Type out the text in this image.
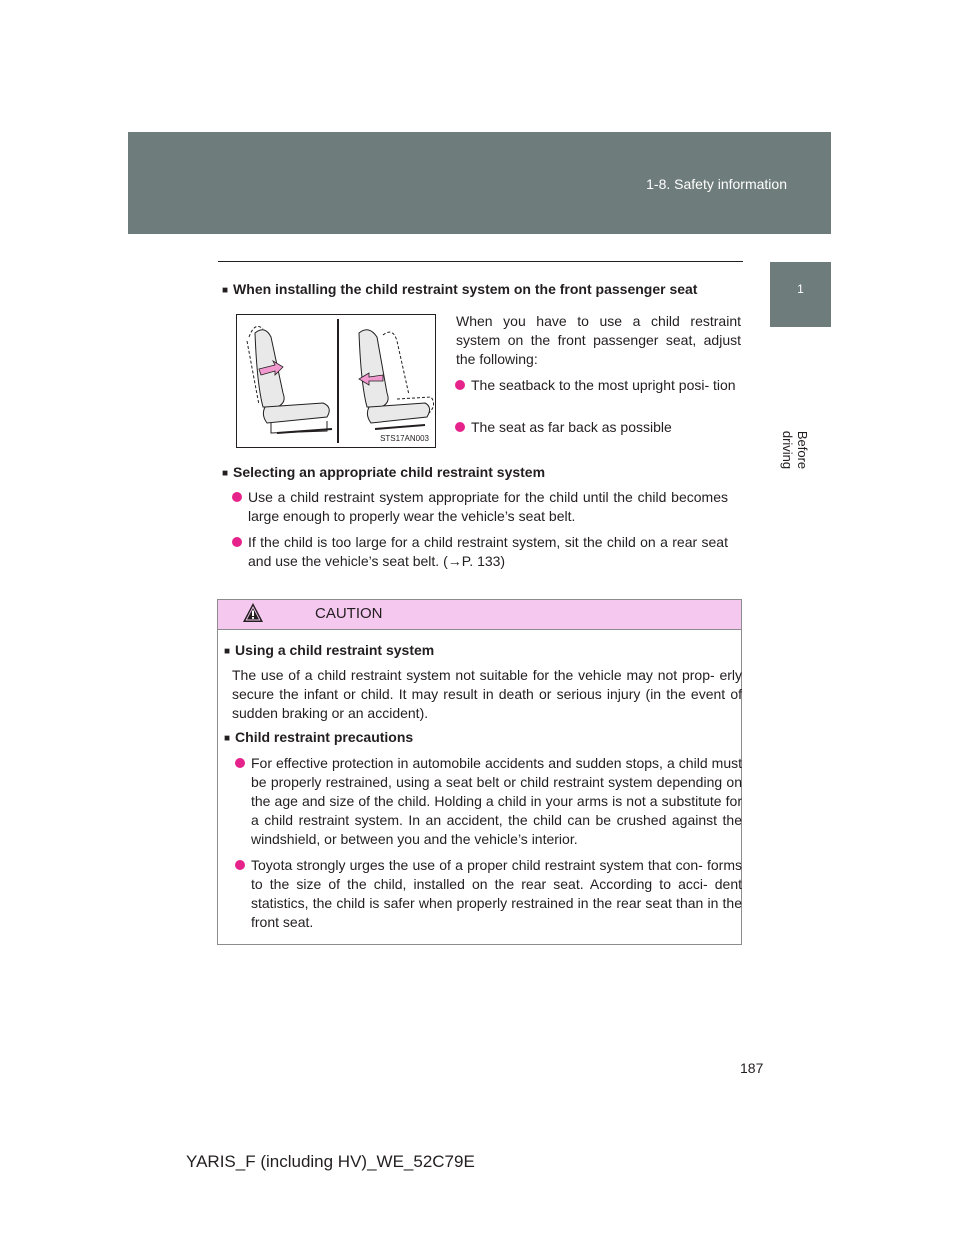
1-8. Safety information
1
Before driving
■ When installing the child restraint system on the front passenger seat
STS17AN003
When you have to use a child restraint system on the front passenger seat, adjust the following:
The seatback to the most upright posi- tion
The seat as far back as possible
■ Selecting an appropriate child restraint system
Use a child restraint system appropriate for the child until the child becomes large enough to properly wear the vehicle’s seat belt.
If the child is too large for a child restraint system, sit the child on a rear seat and use the vehicle’s seat belt. (→P. 133)
CAUTION
■ Using a child restraint system
The use of a child restraint system not suitable for the vehicle may not prop- erly secure the infant or child. It may result in death or serious injury (in the event of sudden braking or an accident).
■ Child restraint precautions
For effective protection in automobile accidents and sudden stops, a child must be properly restrained, using a seat belt or child restraint system depending on the age and size of the child. Holding a child in your arms is not a substitute for a child restraint system. In an accident, the child can be crushed against the windshield, or between you and the vehicle’s interior.
Toyota strongly urges the use of a proper child restraint system that con- forms to the size of the child, installed on the rear seat. According to acci- dent statistics, the child is safer when properly restrained in the rear seat than in the front seat.
187
YARIS_F (including HV)_WE_52C79E
